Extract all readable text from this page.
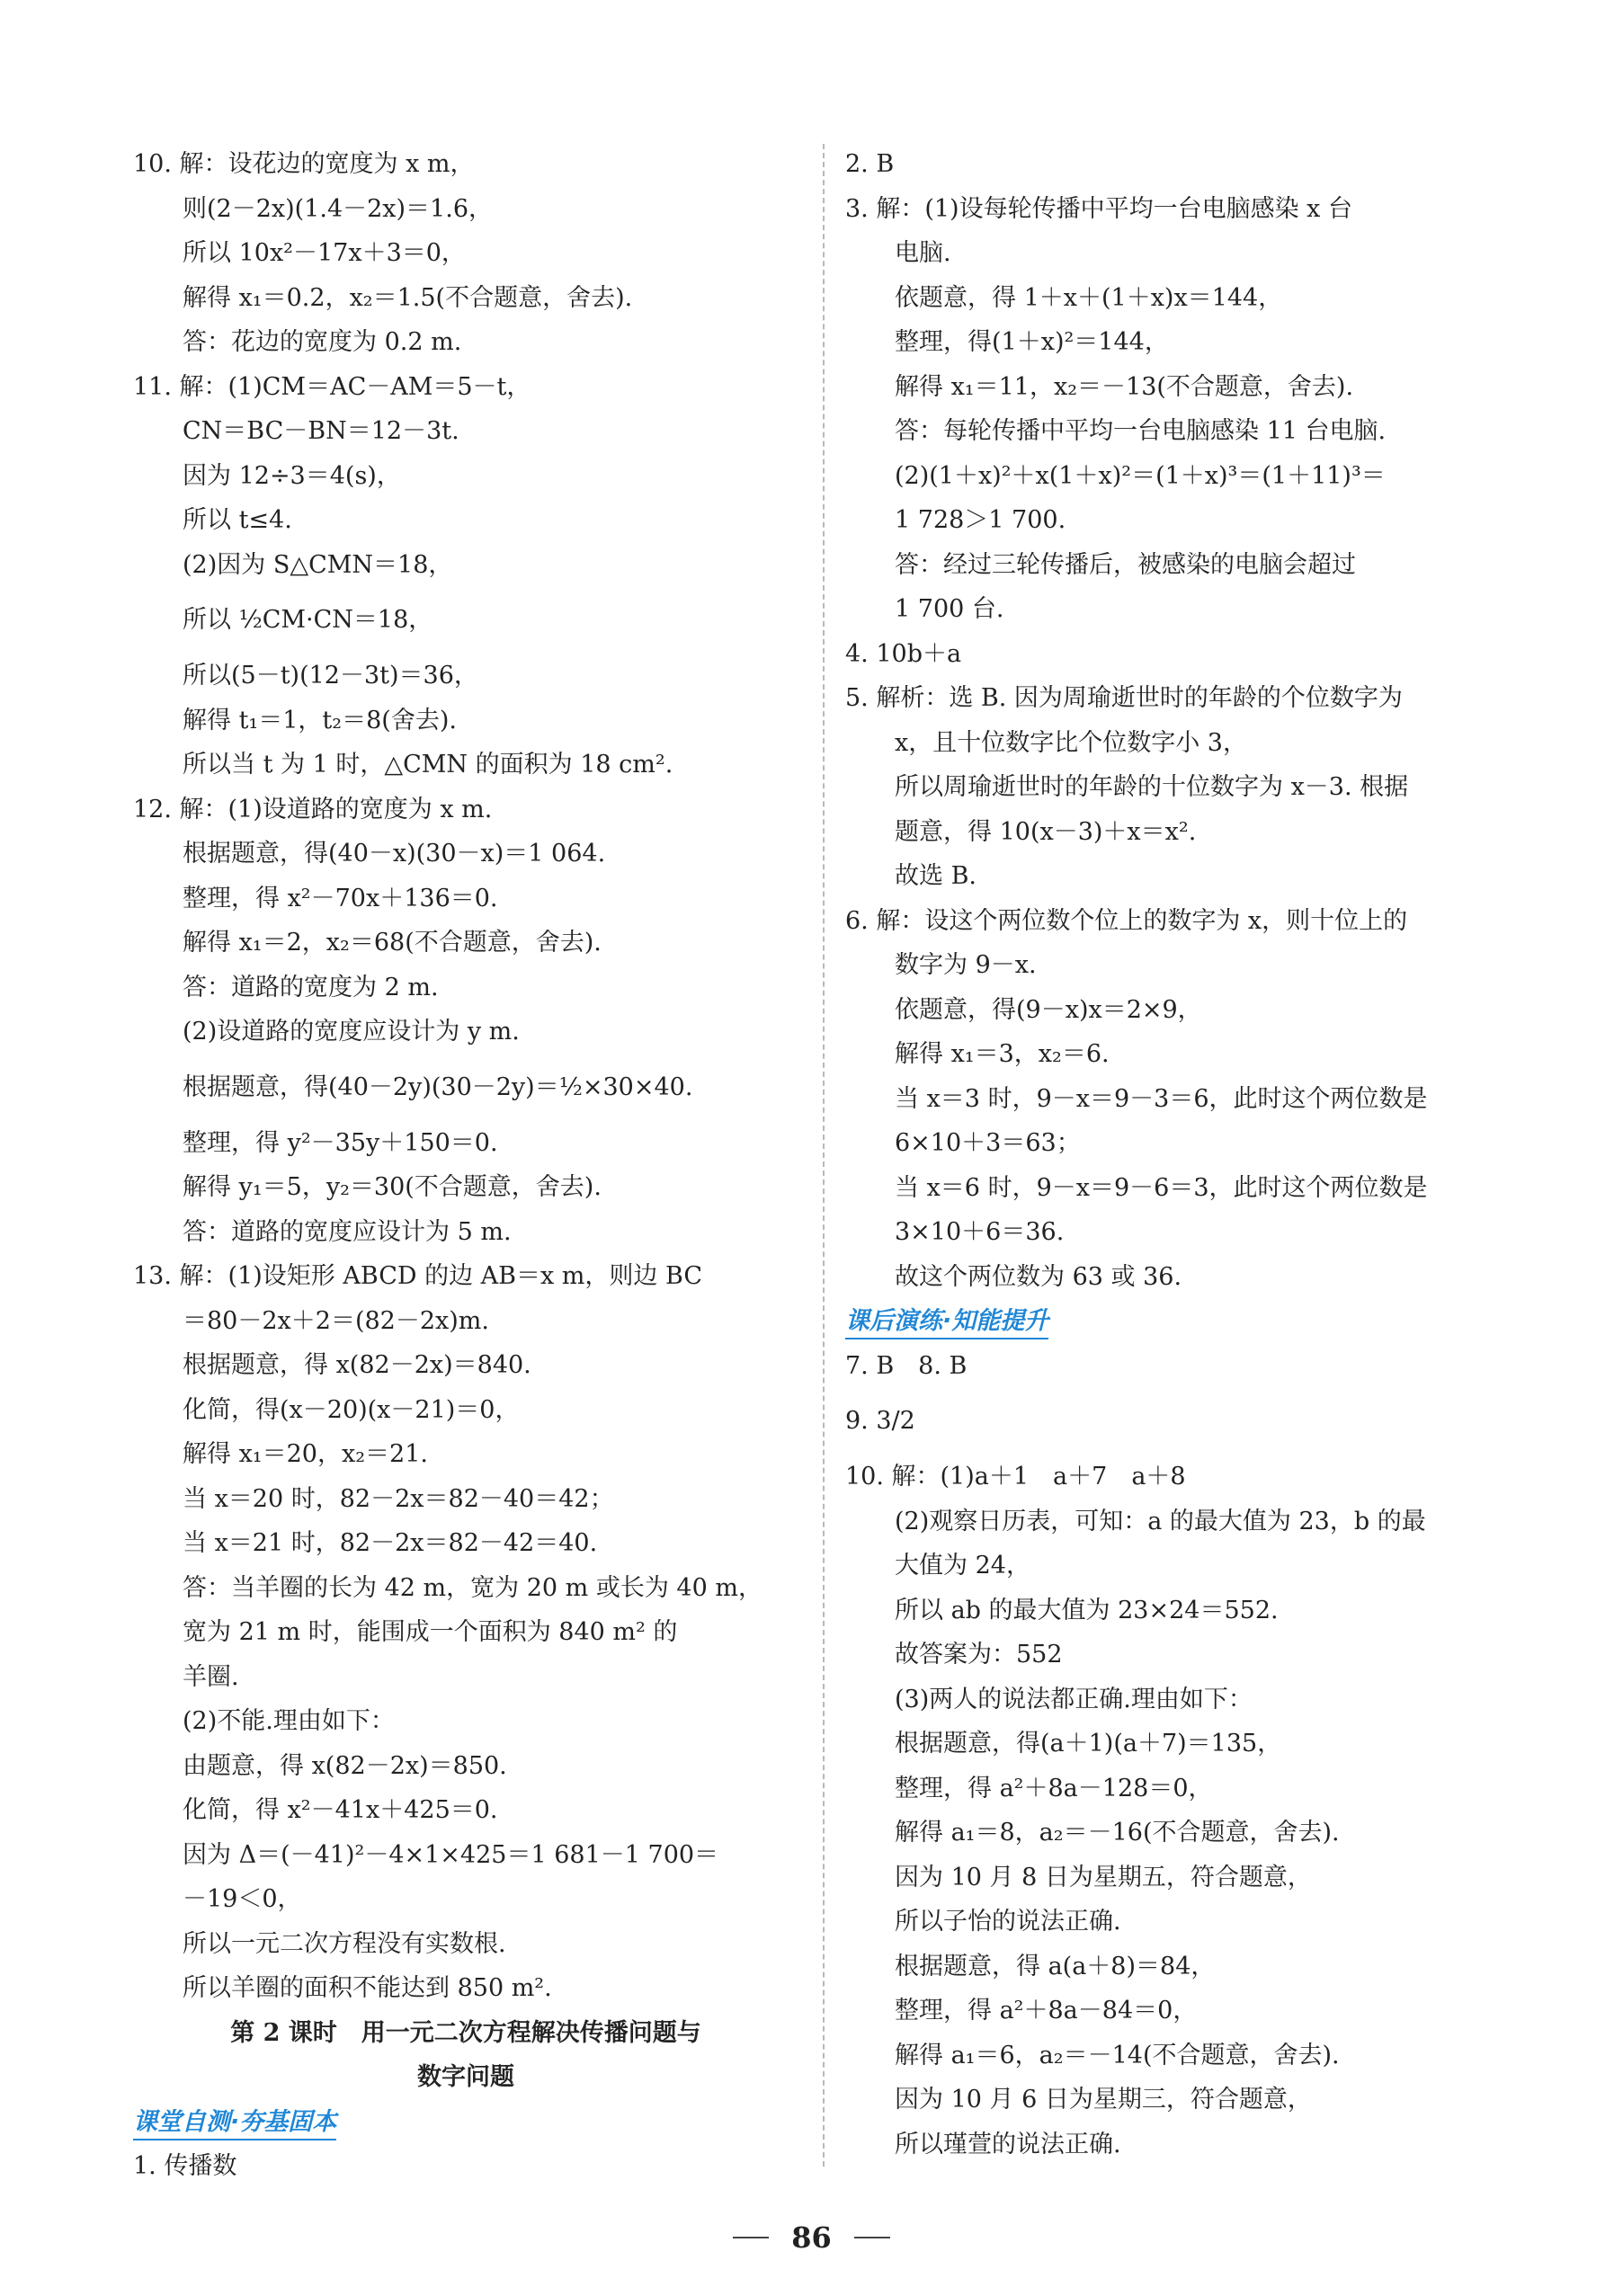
10. 解：设花边的宽度为 x m，
则(2－2x)(1.4－2x)＝1.6，
所以 10x²－17x＋3＝0，
解得 x₁＝0.2，x₂＝1.5(不合题意，舍去).
答：花边的宽度为 0.2 m.
11. 解：(1)CM＝AC－AM＝5－t，
CN＝BC－BN＝12－3t.
因为 12÷3＝4(s)，
所以 t≤4.
(2)因为 S△CMN＝18，
所以 ½CM·CN＝18，
所以(5－t)(12－3t)＝36，
解得 t₁＝1，t₂＝8(舍去).
所以当 t 为 1 时，△CMN 的面积为 18 cm².
12. 解：(1)设道路的宽度为 x m.
根据题意，得(40－x)(30－x)＝1 064.
整理，得 x²－70x＋136＝0.
解得 x₁＝2，x₂＝68(不合题意，舍去).
答：道路的宽度为 2 m.
(2)设道路的宽度应设计为 y m.
根据题意，得(40－2y)(30－2y)＝½×30×40.
整理，得 y²－35y＋150＝0.
解得 y₁＝5，y₂＝30(不合题意，舍去).
答：道路的宽度应设计为 5 m.
13. 解：(1)设矩形 ABCD 的边 AB＝x m，则边 BC
＝80－2x＋2＝(82－2x)m.
根据题意，得 x(82－2x)＝840.
化简，得(x－20)(x－21)＝0，
解得 x₁＝20，x₂＝21.
当 x＝20 时，82－2x＝82－40＝42；
当 x＝21 时，82－2x＝82－42＝40.
答：当羊圈的长为 42 m，宽为 20 m 或长为 40 m，
宽为 21 m 时，能围成一个面积为 840 m² 的
羊圈.
(2)不能.理由如下：
由题意，得 x(82－2x)＝850.
化简，得 x²－41x＋425＝0.
因为 Δ＝(－41)²－4×1×425＝1 681－1 700＝
－19＜0，
所以一元二次方程没有实数根.
所以羊圈的面积不能达到 850 m².
第 2 课时　用一元二次方程解决传播问题与
数字问题
课堂自测·夯基固本
1. 传播数
2. B
3. 解：(1)设每轮传播中平均一台电脑感染 x 台
电脑.
依题意，得 1＋x＋(1＋x)x＝144，
整理，得(1＋x)²＝144，
解得 x₁＝11，x₂＝－13(不合题意，舍去).
答：每轮传播中平均一台电脑感染 11 台电脑.
(2)(1＋x)²＋x(1＋x)²＝(1＋x)³＝(1＋11)³＝
1 728＞1 700.
答：经过三轮传播后，被感染的电脑会超过
1 700 台.
4. 10b＋a
5. 解析：选 B. 因为周瑜逝世时的年龄的个位数字为
x，且十位数字比个位数字小 3，
所以周瑜逝世时的年龄的十位数字为 x－3. 根据
题意，得 10(x－3)＋x＝x².
故选 B.
6. 解：设这个两位数个位上的数字为 x，则十位上的
数字为 9－x.
依题意，得(9－x)x＝2×9，
解得 x₁＝3，x₂＝6.
当 x＝3 时，9－x＝9－3＝6，此时这个两位数是
6×10＋3＝63；
当 x＝6 时，9－x＝9－6＝3，此时这个两位数是
3×10＋6＝36.
故这个两位数为 63 或 36.
课后演练·知能提升
7. B　8. B
9. 3/2
10. 解：(1)a＋1　a＋7　a＋8
(2)观察日历表，可知：a 的最大值为 23，b 的最
大值为 24，
所以 ab 的最大值为 23×24＝552.
故答案为：552
(3)两人的说法都正确.理由如下：
根据题意，得(a＋1)(a＋7)＝135，
整理，得 a²＋8a－128＝0，
解得 a₁＝8，a₂＝－16(不合题意，舍去).
因为 10 月 8 日为星期五，符合题意，
所以子怡的说法正确.
根据题意，得 a(a＋8)＝84，
整理，得 a²＋8a－84＝0，
解得 a₁＝6，a₂＝－14(不合题意，舍去).
因为 10 月 6 日为星期三，符合题意，
所以瑾萱的说法正确.
86
